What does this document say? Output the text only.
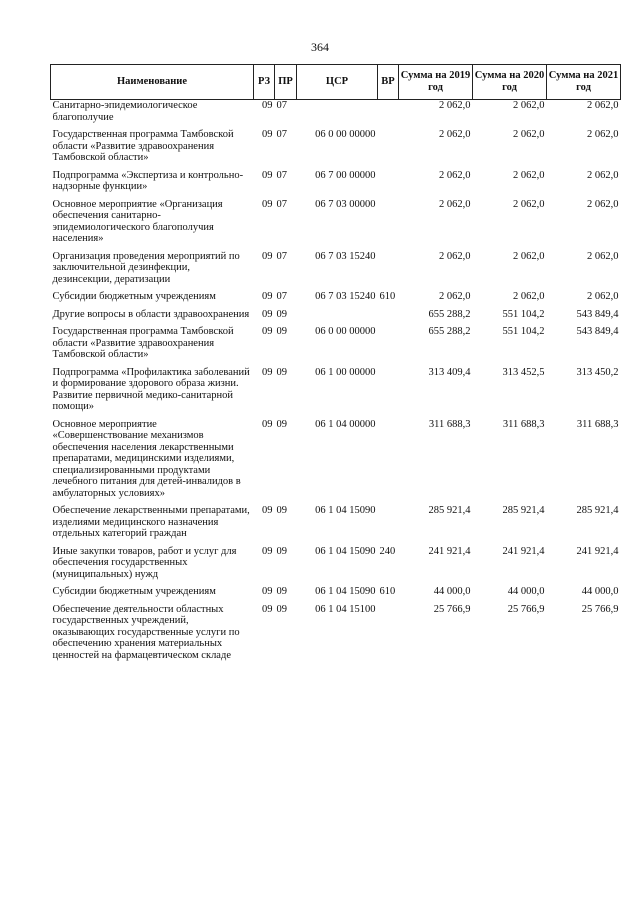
364
Наименование	РЗ	ПР	ЦСР	ВР	Сумма на 2019 год	Сумма на 2020 год	Сумма на 2021 год
Санитарно-эпидемиологическое благополучие	09	07			2 062,0	2 062,0	2 062,0
Государственная программа Тамбовской области «Развитие здравоохранения Тамбовской области»	09	07	06 0 00 00000		2 062,0	2 062,0	2 062,0
Подпрограмма «Экспертиза и контрольно-надзорные функции»	09	07	06 7 00 00000		2 062,0	2 062,0	2 062,0
Основное мероприятие «Организация обеспечения санитарно-эпидемиологического благополучия населения»	09	07	06 7 03 00000		2 062,0	2 062,0	2 062,0
Организация проведения мероприятий по заключительной дезинфекции, дезинсекции, дератизации	09	07	06 7 03 15240		2 062,0	2 062,0	2 062,0
Субсидии бюджетным учреждениям	09	07	06 7 03 15240	610	2 062,0	2 062,0	2 062,0
Другие вопросы в области здравоохранения	09	09			655 288,2	551 104,2	543 849,4
Государственная программа Тамбовской области «Развитие здравоохранения Тамбовской области»	09	09	06 0 00 00000		655 288,2	551 104,2	543 849,4
Подпрограмма «Профилактика заболеваний и формирование здорового образа жизни. Развитие первичной медико-санитарной помощи»	09	09	06 1 00 00000		313 409,4	313 452,5	313 450,2
Основное мероприятие «Совершенствование механизмов обеспечения населения лекарственными препаратами, медицинскими изделиями, специализированными продуктами лечебного питания для детей-инвалидов в амбулаторных условиях»	09	09	06 1 04 00000		311 688,3	311 688,3	311 688,3
Обеспечение лекарственными препаратами, изделиями медицинского назначения отдельных категорий граждан	09	09	06 1 04 15090		285 921,4	285 921,4	285 921,4
Иные закупки товаров, работ и услуг для обеспечения государственных (муниципальных) нужд	09	09	06 1 04 15090	240	241 921,4	241 921,4	241 921,4
Субсидии бюджетным учреждениям	09	09	06 1 04 15090	610	44 000,0	44 000,0	44 000,0
Обеспечение деятельности областных государственных учреждений, оказывающих государственные услуги по обеспечению хранения материальных ценностей на фармацевтическом складе	09	09	06 1 04 15100		25 766,9	25 766,9	25 766,9
